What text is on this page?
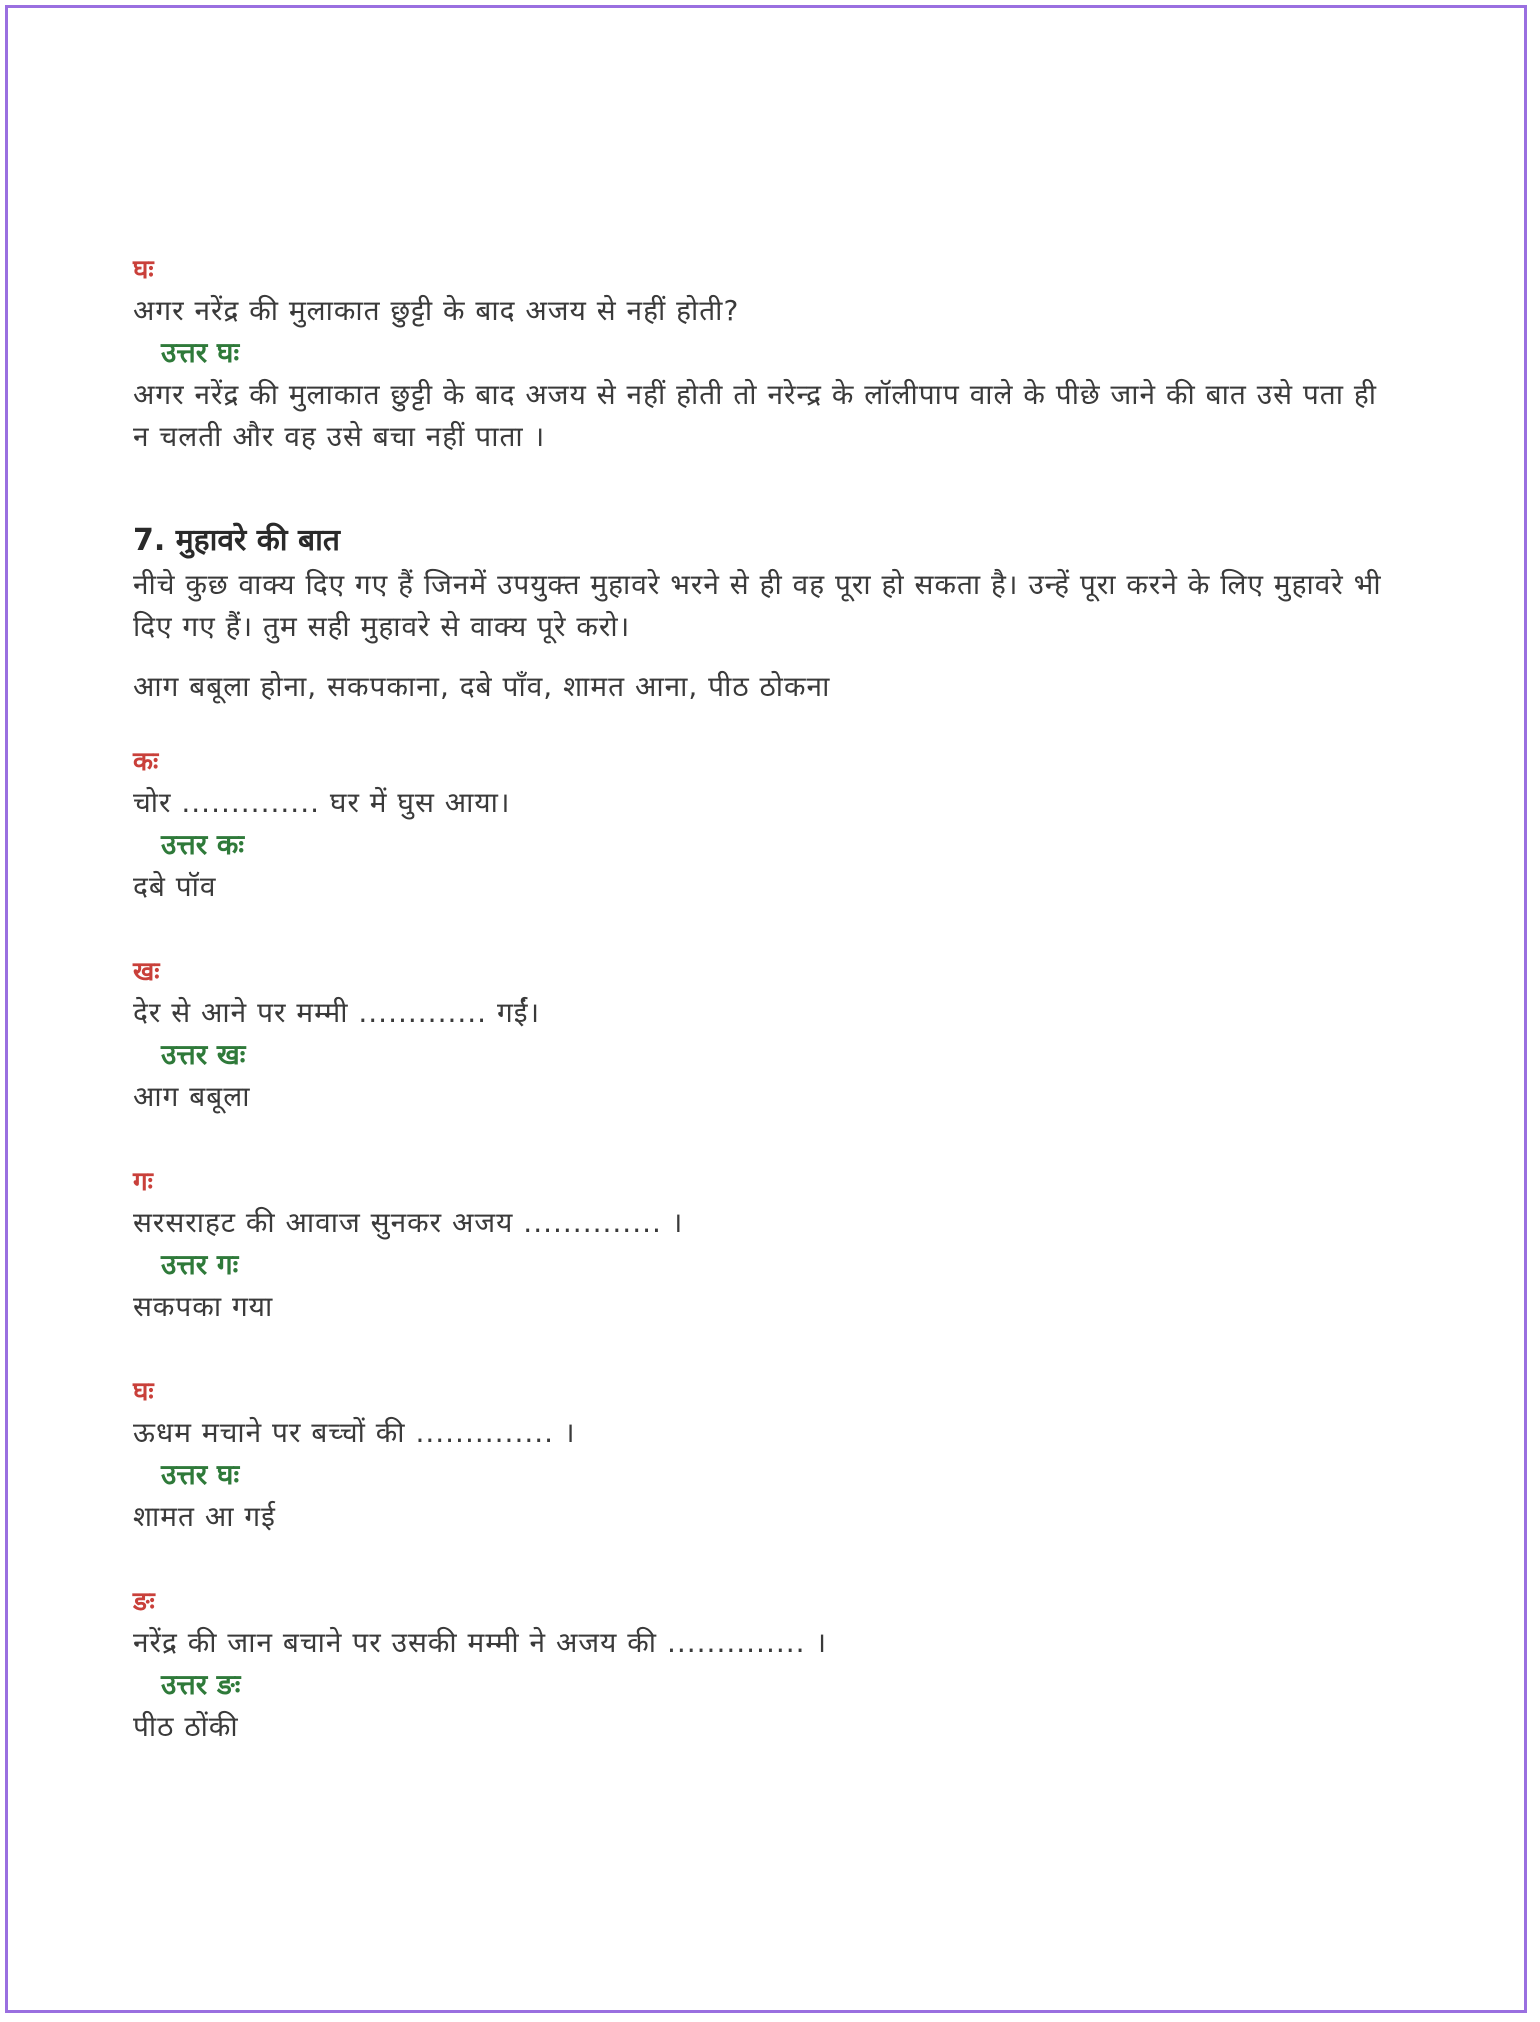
घः
अगर नरेंद्र की मुलाकात छुट्टी के बाद अजय से नहीं होती?
उत्तर घः
अगर नरेंद्र की मुलाकात छुट्टी के बाद अजय से नहीं होती तो नरेन्द्र के लॉलीपाप वाले के पीछे जाने की बात उसे पता ही न चलती और वह उसे बचा नहीं पाता ।
7. मुहावरे की बात
नीचे कुछ वाक्य दिए गए हैं जिनमें उपयुक्त मुहावरे भरने से ही वह पूरा हो सकता है। उन्हें पूरा करने के लिए मुहावरे भी दिए गए हैं। तुम सही मुहावरे से वाक्य पूरे करो।
आग बबूला होना, सकपकाना, दबे पाँव, शामत आना, पीठ ठोकना
कः
चोर .............. घर में घुस आया।
उत्तर कः
दबे पॉव
खः
देर से आने पर मम्मी ............. गईं।
उत्तर खः
आग बबूला
गः
सरसराहट की आवाज सुनकर अजय .............. ।
उत्तर गः
सकपका गया
घः
ऊधम मचाने पर बच्चों की .............. ।
उत्तर घः
शामत आ गई
ङः
नरेंद्र की जान बचाने पर उसकी मम्मी ने अजय की .............. ।
उत्तर ङः
पीठ ठोंकी
